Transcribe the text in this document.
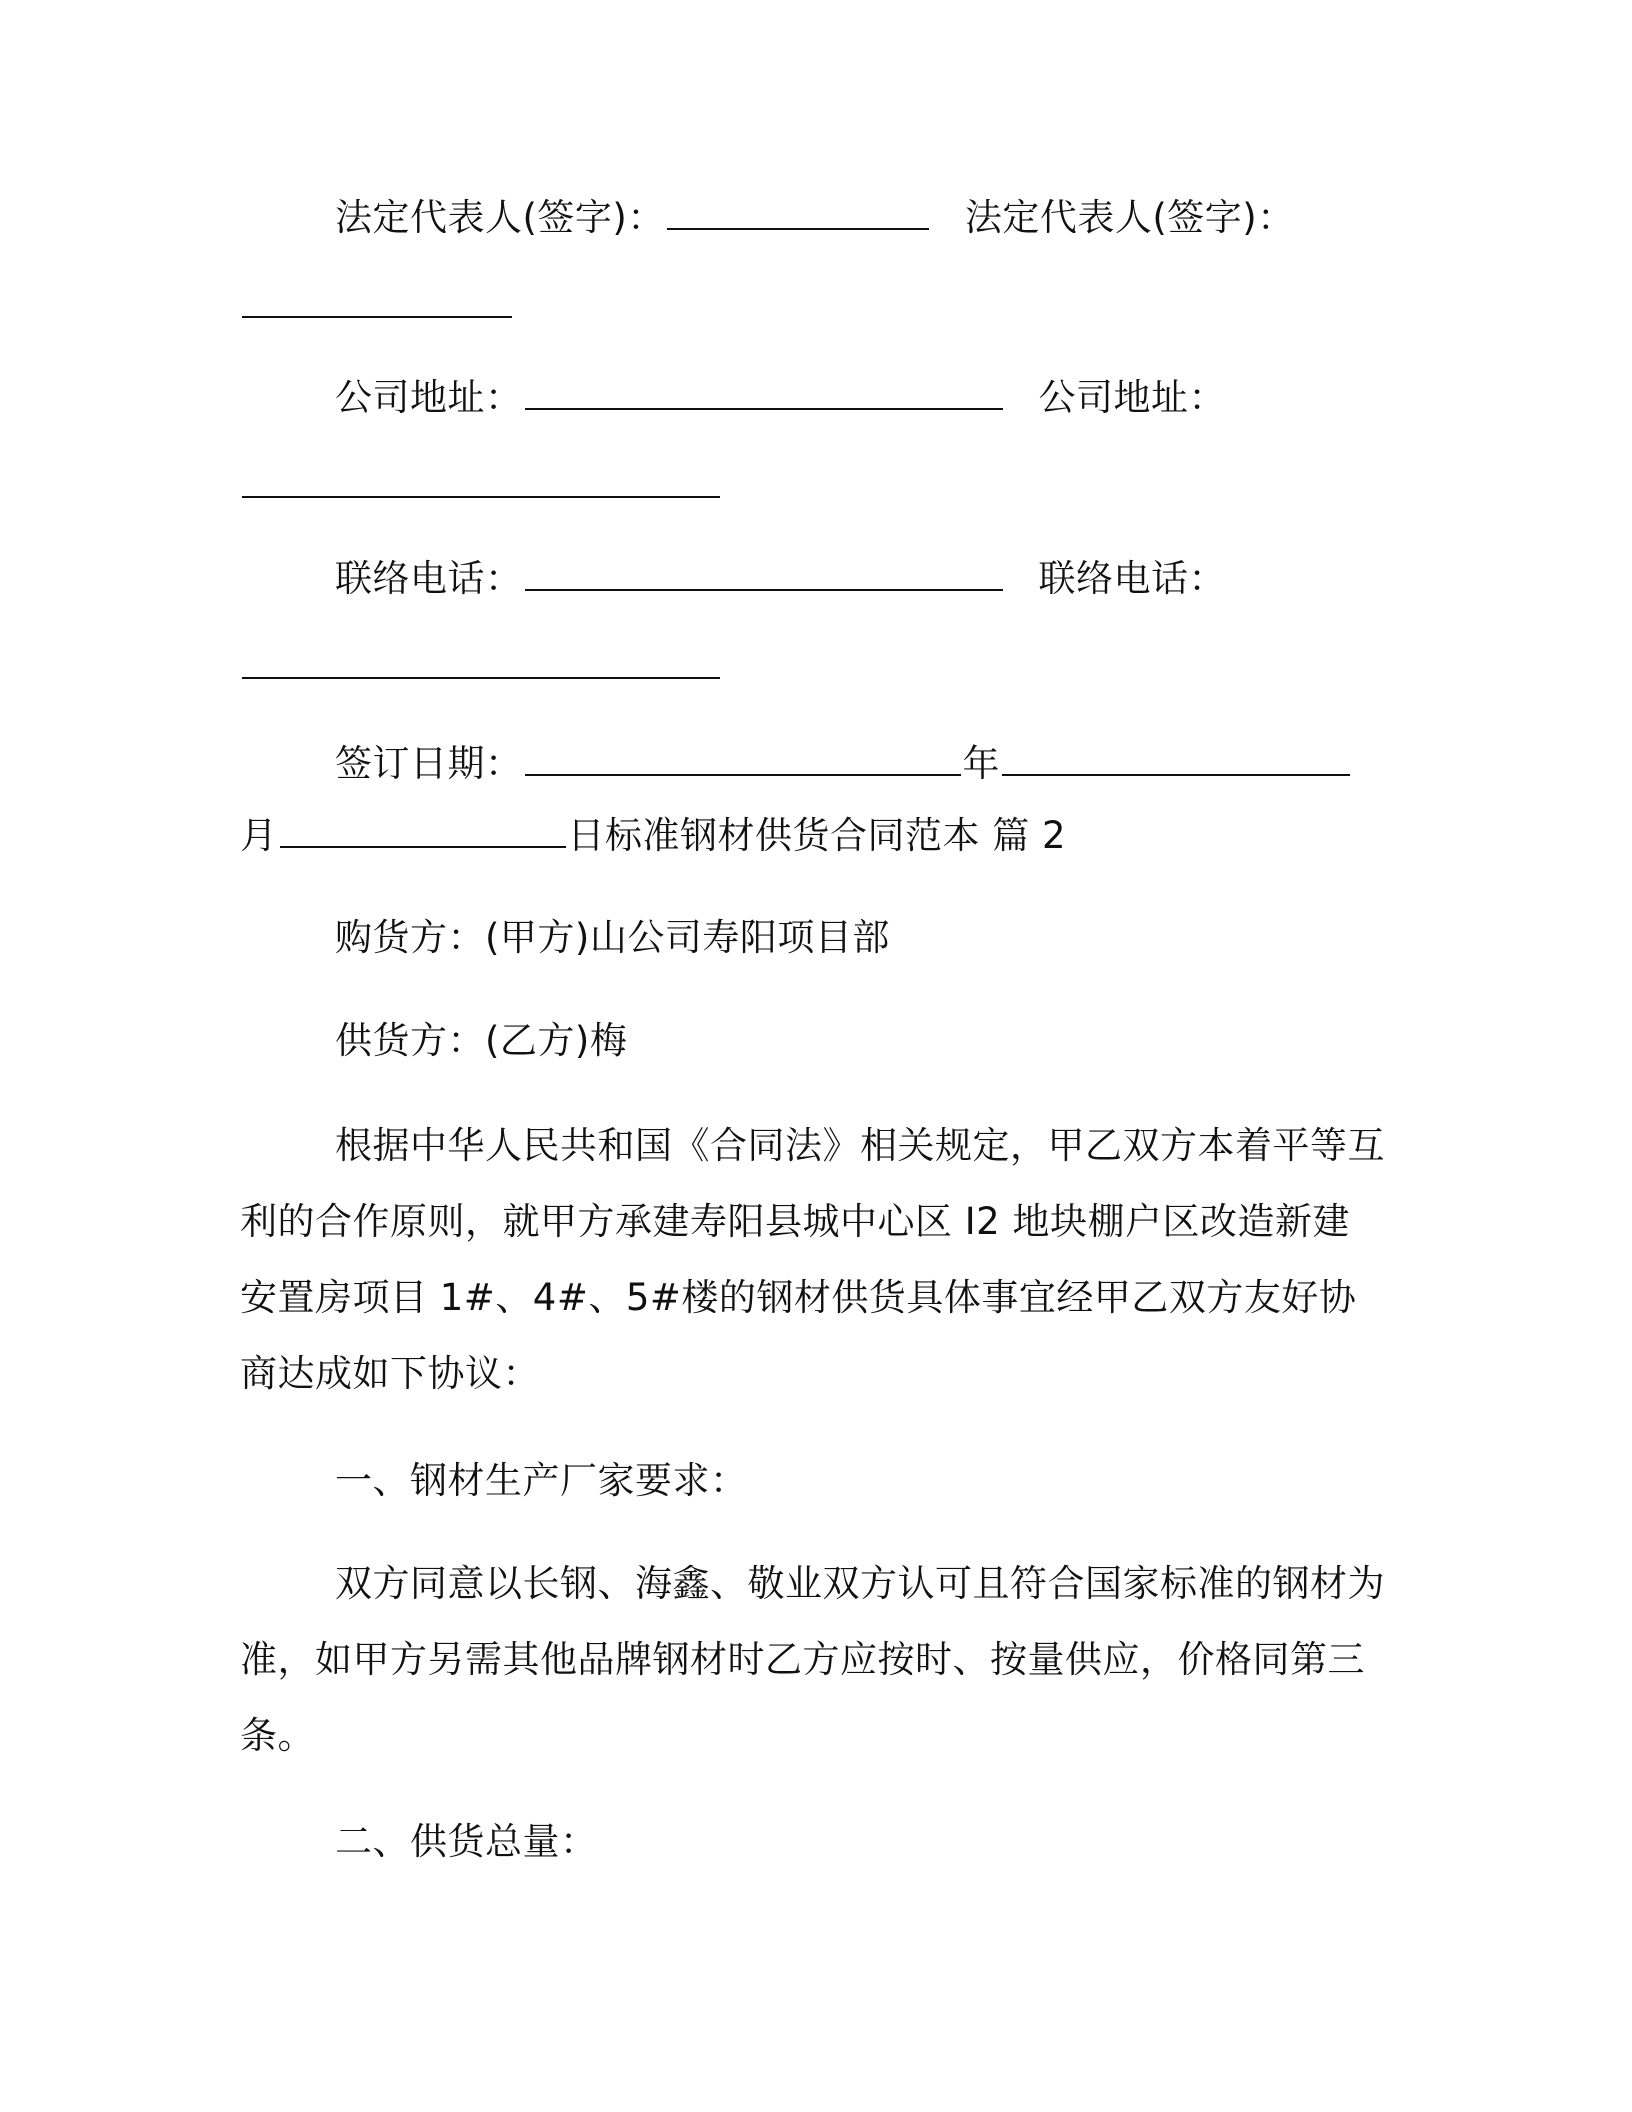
法定代表人(签字)：	法定代表人(签字)：
公司地址：	公司地址：
联络电话：	联络电话：
签订日期：	年
月	日标准钢材供货合同范本 篇 2
购货方：(甲方)山公司寿阳项目部
供货方：(乙方)梅
根据中华人民共和国《合同法》相关规定，甲乙双方本着平等互利的合作原则，就甲方承建寿阳县城中心区 I2 地块棚户区改造新建安置房项目 1#、4#、5#楼的钢材供货具体事宜经甲乙双方友好协商达成如下协议：
一、钢材生产厂家要求：
双方同意以长钢、海鑫、敬业双方认可且符合国家标准的钢材为准，如甲方另需其他品牌钢材时乙方应按时、按量供应，价格同第三条。
二、供货总量：
